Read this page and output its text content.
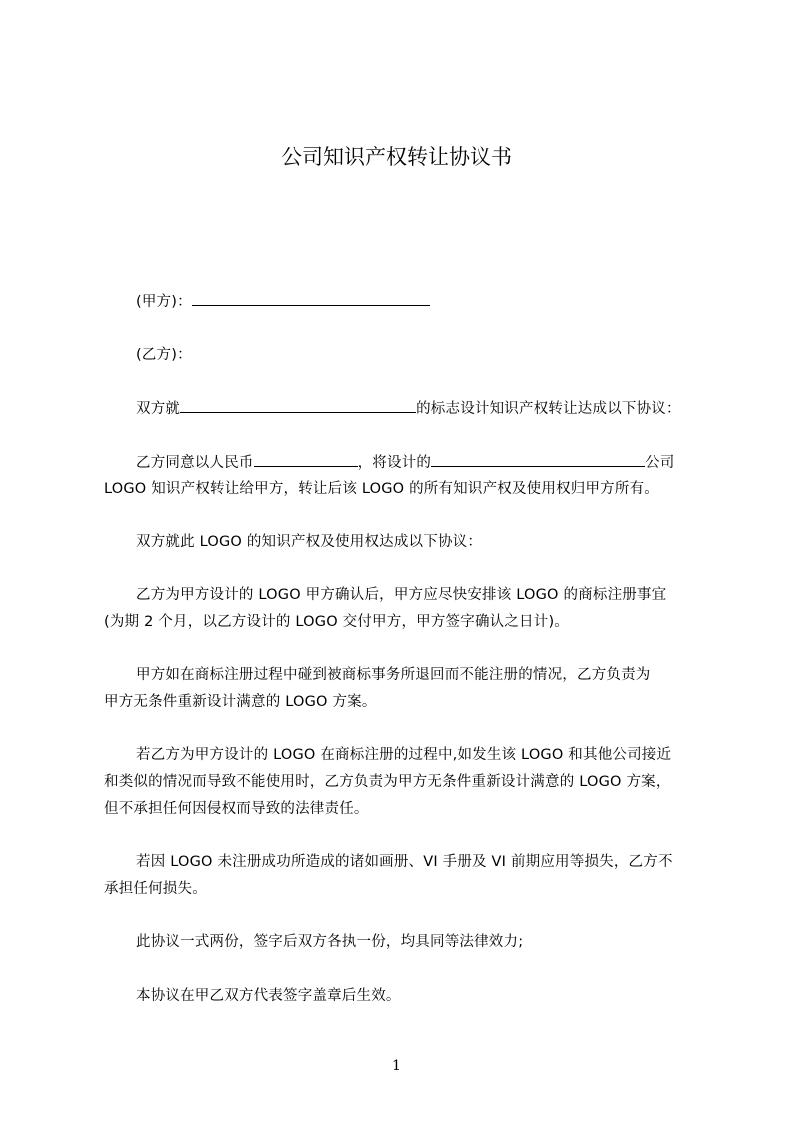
公司知识产权转让协议书
(甲方)：
(乙方)：
双方就	的标志设计知识产权转让达成以下协议：
乙方同意以人民币	，将设计的	公司
LOGO 知识产权转让给甲方，转让后该 LOGO 的所有知识产权及使用权归甲方所有。
双方就此 LOGO 的知识产权及使用权达成以下协议：
乙方为甲方设计的 LOGO 甲方确认后，甲方应尽快安排该 LOGO 的商标注册事宜
(为期 2 个月，以乙方设计的 LOGO 交付甲方，甲方签字确认之日计)。
甲方如在商标注册过程中碰到被商标事务所退回而不能注册的情况，乙方负责为
甲方无条件重新设计满意的 LOGO 方案。
若乙方为甲方设计的 LOGO 在商标注册的过程中,如发生该 LOGO 和其他公司接近
和类似的情况而导致不能使用时，乙方负责为甲方无条件重新设计满意的 LOGO 方案，
但不承担任何因侵权而导致的法律责任。
若因 LOGO 未注册成功所造成的诸如画册、VI 手册及 VI 前期应用等损失，乙方不
承担任何损失。
此协议一式两份，签字后双方各执一份，均具同等法律效力;
本协议在甲乙双方代表签字盖章后生效。
1
